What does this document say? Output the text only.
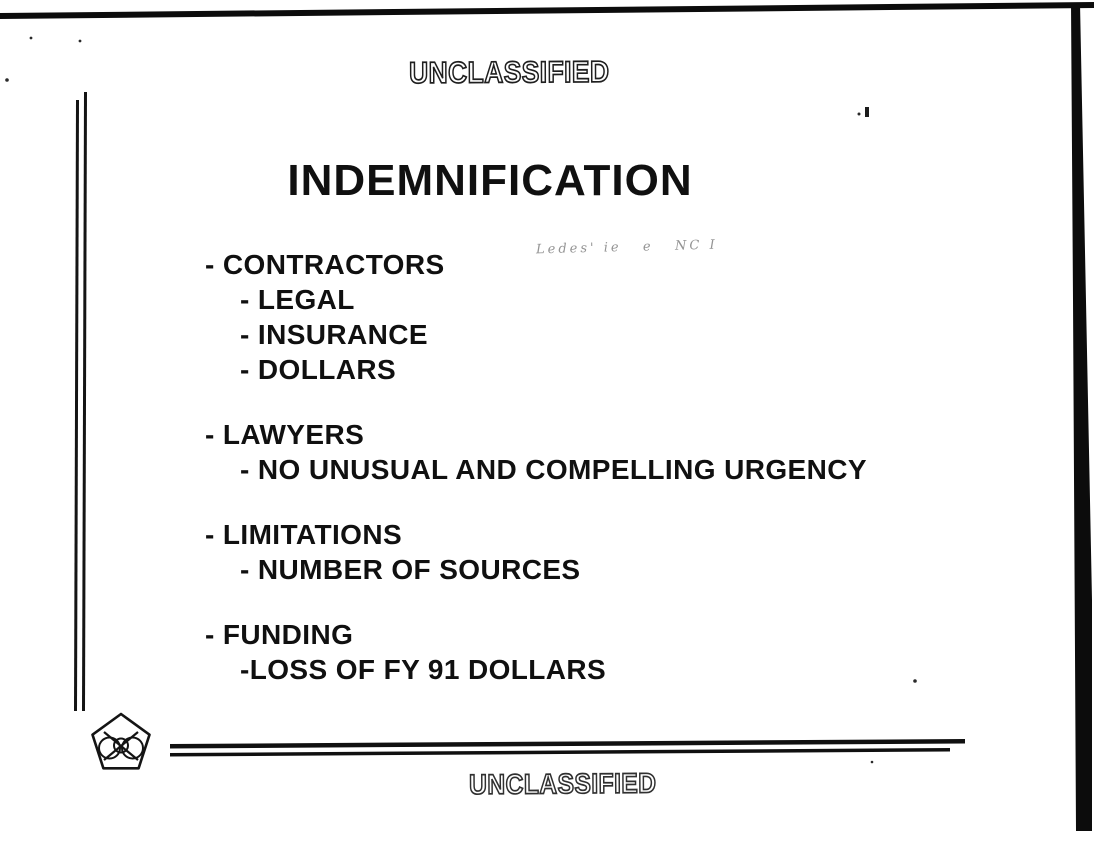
UNCLASSIFIED
UNCLASSIFIED
INDEMNIFICATION
Ledes' ie   e   NC I
- CONTRACTORS
- LEGAL
- INSURANCE
- DOLLARS
- LAWYERS
- NO UNUSUAL AND COMPELLING URGENCY
- LIMITATIONS
- NUMBER OF SOURCES
- FUNDING
-LOSS OF FY 91 DOLLARS
